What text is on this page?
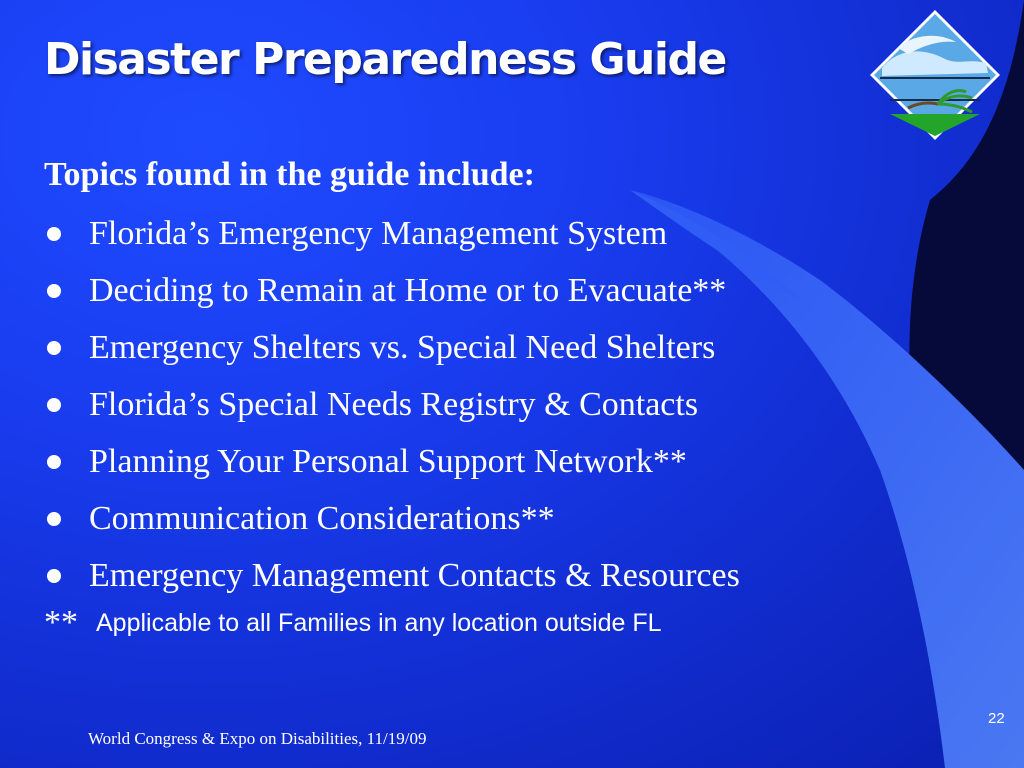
Disaster Preparedness Guide
Topics found in the guide include:
Florida’s Emergency Management System
Deciding to Remain at Home or to Evacuate**
Emergency Shelters vs. Special Need Shelters
Florida’s Special Needs Registry & Contacts
Planning Your Personal Support Network**
Communication Considerations**
Emergency Management Contacts & Resources
** Applicable to all Families in any location outside FL
World Congress & Expo on Disabilities, 11/19/09
22
